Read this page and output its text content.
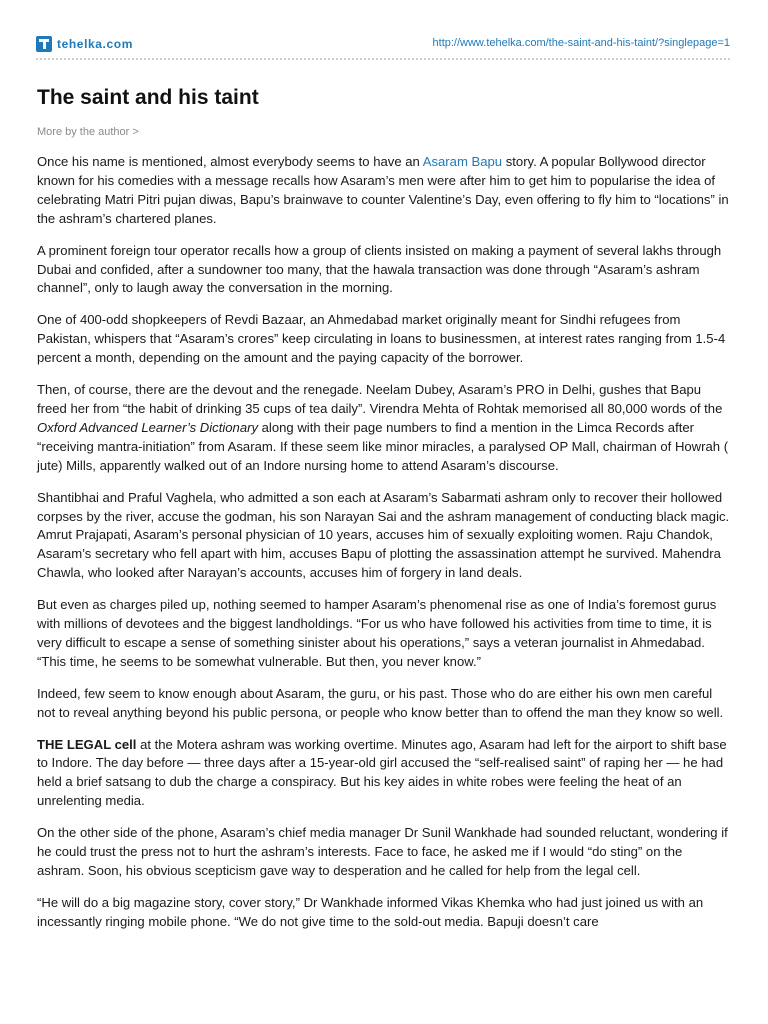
tehelka.com	http://www.tehelka.com/the-saint-and-his-taint/?singlepage=1
The saint and his taint
More by the author >

Once his name is mentioned, almost everybody seems to have an Asaram Bapu story. A popular Bollywood director known for his comedies with a message recalls how Asaram’s men were after him to get him to popularise the idea of celebrating Matri Pitri pujan diwas, Bapu’s brainwave to counter Valentine’s Day, even offering to fly him to “locations” in the ashram’s chartered planes.

A prominent foreign tour operator recalls how a group of clients insisted on making a payment of several lakhs through Dubai and confided, after a sundowner too many, that the hawala transaction was done through “Asaram’s ashram channel”, only to laugh away the conversation in the morning.

One of 400-odd shopkeepers of Revdi Bazaar, an Ahmedabad market originally meant for Sindhi refugees from Pakistan, whispers that “Asaram’s crores” keep circulating in loans to businessmen, at interest rates ranging from 1.5-4 percent a month, depending on the amount and the paying capacity of the borrower.

Then, of course, there are the devout and the renegade. Neelam Dubey, Asaram’s PRO in Delhi, gushes that Bapu freed her from “the habit of drinking 35 cups of tea daily”. Virendra Mehta of Rohtak memorised all 80,000 words of the Oxford Advanced Learner’s Dictionary along with their page numbers to find a mention in the Limca Records after “receiving mantra-initiation” from Asaram. If these seem like minor miracles, a paralysed OP Mall, chairman of Howrah ( jute) Mills, apparently walked out of an Indore nursing home to attend Asaram’s discourse.

Shantibhai and Praful Vaghela, who admitted a son each at Asaram’s Sabarmati ashram only to recover their hollowed corpses by the river, accuse the godman, his son Narayan Sai and the ashram management of conducting black magic. Amrut Prajapati, Asaram’s personal physician of 10 years, accuses him of sexually exploiting women. Raju Chandok, Asaram’s secretary who fell apart with him, accuses Bapu of plotting the assassination attempt he survived. Mahendra Chawla, who looked after Narayan’s accounts, accuses him of forgery in land deals.

But even as charges piled up, nothing seemed to hamper Asaram’s phenomenal rise as one of India’s foremost gurus with millions of devotees and the biggest landholdings. “For us who have followed his activities from time to time, it is very difficult to escape a sense of something sinister about his operations,” says a veteran journalist in Ahmedabad. “This time, he seems to be somewhat vulnerable. But then, you never know.”

Indeed, few seem to know enough about Asaram, the guru, or his past. Those who do are either his own men careful not to reveal anything beyond his public persona, or people who know better than to offend the man they know so well.

THE LEGAL cell at the Motera ashram was working overtime. Minutes ago, Asaram had left for the airport to shift base to Indore. The day before — three days after a 15-year-old girl accused the “self-realised saint” of raping her — he had held a brief satsang to dub the charge a conspiracy. But his key aides in white robes were feeling the heat of an unrelenting media.

On the other side of the phone, Asaram’s chief media manager Dr Sunil Wankhade had sounded reluctant, wondering if he could trust the press not to hurt the ashram’s interests. Face to face, he asked me if I would “do sting” on the ashram. Soon, his obvious scepticism gave way to desperation and he called for help from the legal cell.

“He will do a big magazine story, cover story,” Dr Wankhade informed Vikas Khemka who had just joined us with an incessantly ringing mobile phone. “We do not give time to the sold-out media. Bapuji doesn’t care
